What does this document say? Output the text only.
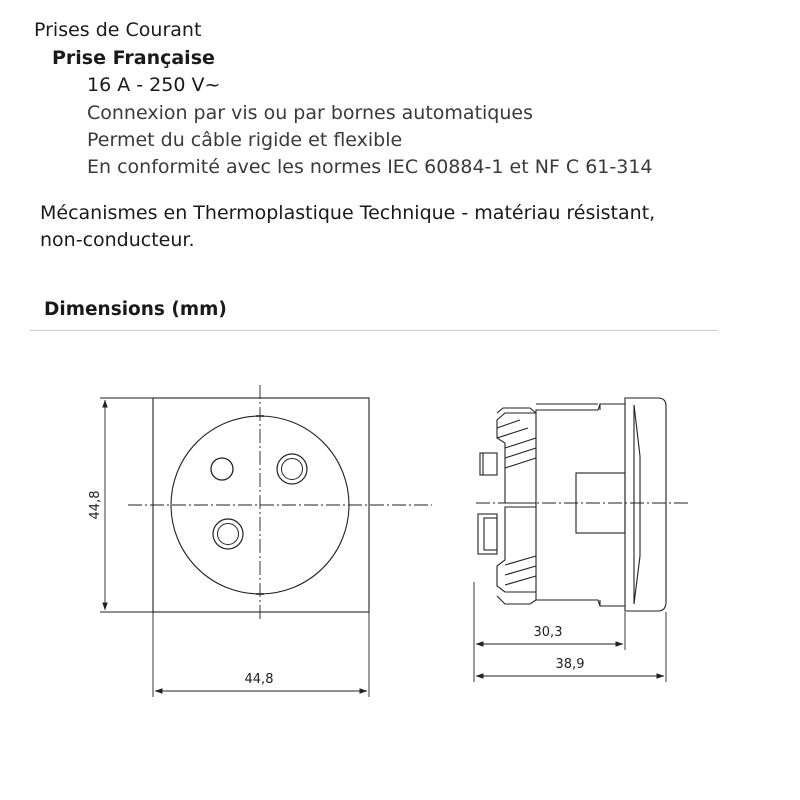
Prises de Courant
Prise Française
16 A - 250 V~
Connexion par vis ou par bornes automatiques
Permet du câble rigide et flexible
En conformité avec les normes IEC 60884-1 et NF C 61-314
Mécanismes en Thermoplastique Technique - matériau résistant,
non-conducteur.
Dimensions (mm)
44,8
44,8
30,3
38,9
